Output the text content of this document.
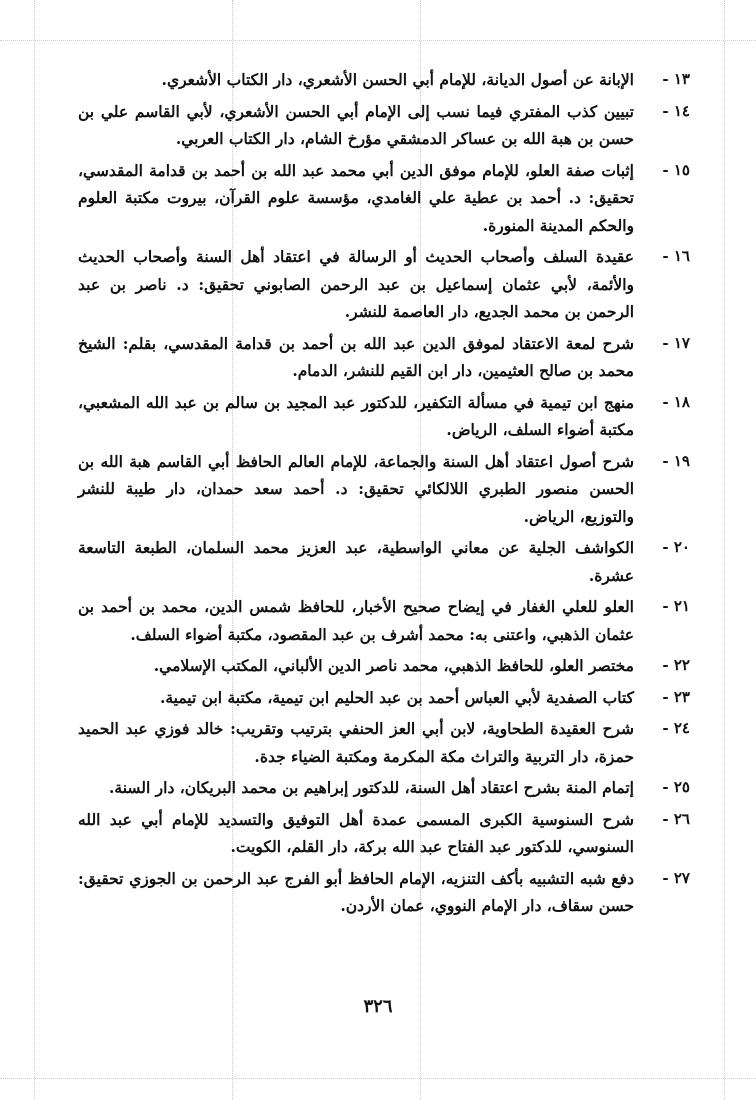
١٣ -
الإبانة عن أصول الديانة، للإمام أبي الحسن الأشعري، دار الكتاب الأشعري.
١٤ -
تبيين كذب المفتري فيما نسب إلى الإمام أبي الحسن الأشعري، لأبي القاسم علي بن حسن بن هبة الله بن عساكر الدمشقي مؤرخ الشام، دار الكتاب العربي.
١٥ -
إثبات صفة العلو، للإمام موفق الدين أبي محمد عبد الله بن أحمد بن قدامة المقدسي، تحقيق: د. أحمد بن عطية علي الغامدي، مؤسسة علوم القرآن، بيروت مكتبة العلوم والحكم المدينة المنورة.
١٦ -
عقيدة السلف وأصحاب الحديث أو الرسالة في اعتقاد أهل السنة وأصحاب الحديث والأئمة، لأبي عثمان إسماعيل بن عبد الرحمن الصابوني تحقيق: د. ناصر بن عبد الرحمن بن محمد الجديع، دار العاصمة للنشر.
١٧ -
شرح لمعة الاعتقاد لموفق الدين عبد الله بن أحمد بن قدامة المقدسي، بقلم: الشيخ محمد بن صالح العثيمين، دار ابن القيم للنشر، الدمام.
١٨ -
منهج ابن تيمية في مسألة التكفير، للدكتور عبد المجيد بن سالم بن عبد الله المشعبي، مكتبة أضواء السلف، الرياض.
١٩ -
شرح أصول اعتقاد أهل السنة والجماعة، للإمام العالم الحافظ أبي القاسم هبة الله بن الحسن منصور الطبري اللالكائي تحقيق: د. أحمد سعد حمدان، دار طيبة للنشر والتوزيع، الرياض.
٢٠ -
الكواشف الجلية عن معاني الواسطية، عبد العزيز محمد السلمان، الطبعة التاسعة عشرة.
٢١ -
العلو للعلي الغفار في إيضاح صحيح الأخبار، للحافظ شمس الدين، محمد بن أحمد بن عثمان الذهبي، واعتنى به: محمد أشرف بن عبد المقصود، مكتبة أضواء السلف.
٢٢ -
مختصر العلو، للحافظ الذهبي، محمد ناصر الدين الألباني، المكتب الإسلامي.
٢٣ -
كتاب الصفدية لأبي العباس أحمد بن عبد الحليم ابن تيمية، مكتبة ابن تيمية.
٢٤ -
شرح العقيدة الطحاوية، لابن أبي العز الحنفي بترتيب وتقريب: خالد فوزي عبد الحميد حمزة، دار التربية والتراث مكة المكرمة ومكتبة الضياء جدة.
٢٥ -
إتمام المنة بشرح اعتقاد أهل السنة، للدكتور إبراهيم بن محمد البريكان، دار السنة.
٢٦ -
شرح السنوسية الكبرى المسمى عمدة أهل التوفيق والتسديد للإمام أبي عبد الله السنوسي، للدكتور عبد الفتاح عبد الله بركة، دار القلم، الكويت.
٢٧ -
دفع شبه التشبيه بأكف التنزيه، الإمام الحافظ أبو الفرج عبد الرحمن بن الجوزي تحقيق: حسن سقاف، دار الإمام النووي، عمان الأردن.
٣٢٦
